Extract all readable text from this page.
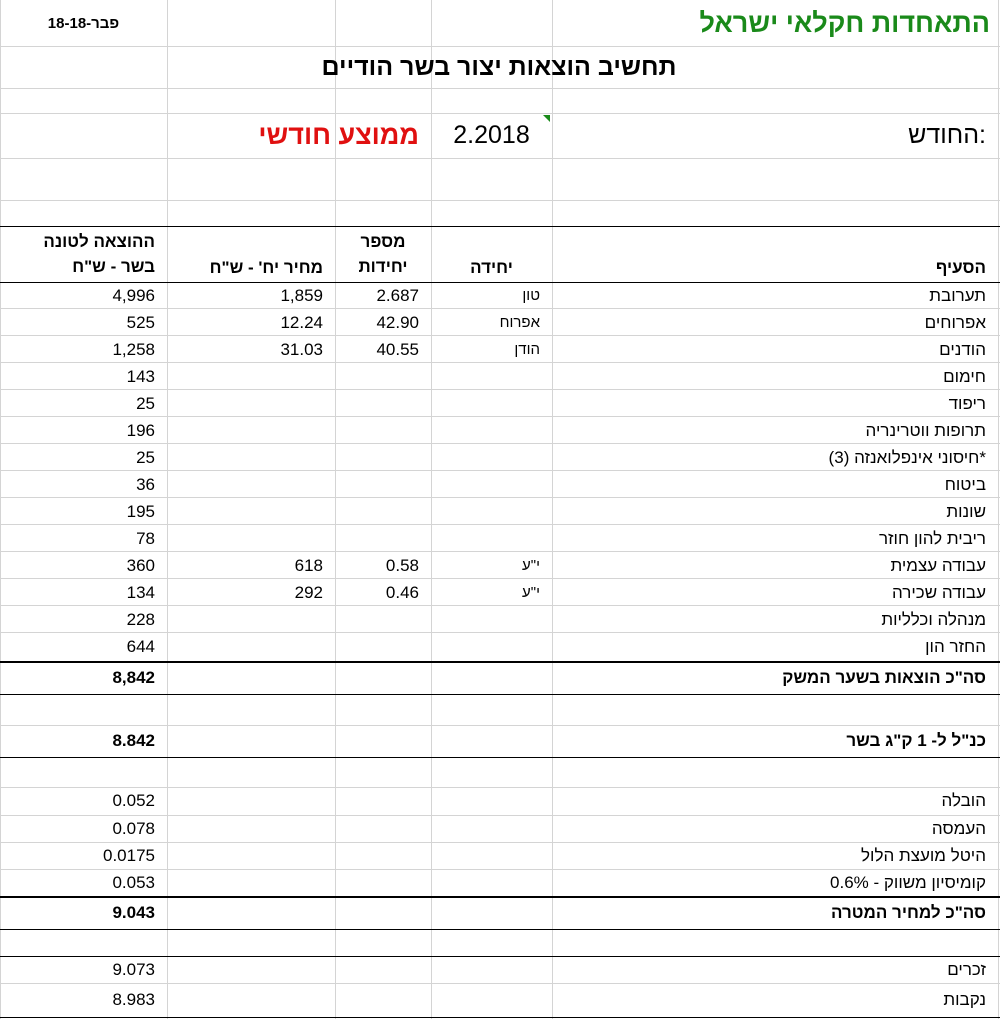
התאחדות חקלאי ישראל
18-פבר-18
תחשיב הוצאות יצור בשר הודיים
החודש:
2.2018
ממוצע חודשי
הסעיף
יחידה
מספר
יחידות
מחיר יח' - ש"ח
ההוצאה לטונה
בשר - ש"ח
תערובת
טון
2.687
1,859
4,996
אפרוחים
אפרוח
42.90
12.24
525
הודנים
הודן
40.55
31.03
1,258
חימום
143
ריפוד
25
תרופות ווטרינריה
196
חיסוני אינפלואנזה (3)*
25
ביטוח
36
שונות
195
ריבית להון חוזר
78
עבודה עצמית
י"ע
0.58
618
360
עבודה שכירה
י"ע
0.46
292
134
מנהלה וכלליות
228
החזר הון
644
סה"כ הוצאות בשער המשק
8,842
כנ"ל ל- 1 ק"ג בשר
8.842
הובלה
0.052
העמסה
0.078
היטל מועצת הלול
0.0175
קומיסיון משווק - 0.6%
0.053
סה"כ למחיר המטרה
9.043
זכרים
9.073
נקבות
8.983
